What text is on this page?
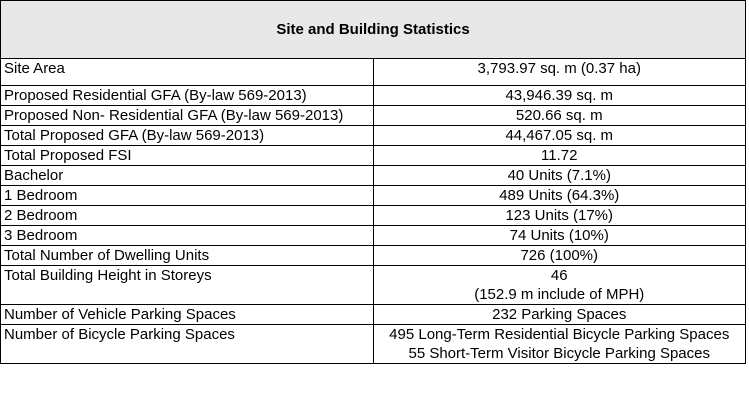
Site and Building Statistics	
Site Area	3,793.97 sq. m (0.37 ha)
Proposed Residential GFA (By-law 569-2013)	43,946.39 sq. m
Proposed Non- Residential GFA (By-law 569-2013)	520.66 sq. m
Total Proposed GFA (By-law 569-2013)	44,467.05 sq. m
Total Proposed FSI	11.72
Bachelor	40 Units (7.1%)
1 Bedroom	489 Units (64.3%)
2 Bedroom	123 Units (17%)
3 Bedroom	74 Units (10%)
Total Number of Dwelling Units	726 (100%)
Total Building Height in Storeys	46
(152.9 m include of MPH)

Number of Vehicle Parking Spaces	232 Parking Spaces
Number of Bicycle Parking Spaces	495 Long-Term Residential Bicycle Parking Spaces
55 Short-Term Visitor Bicycle Parking Spaces
